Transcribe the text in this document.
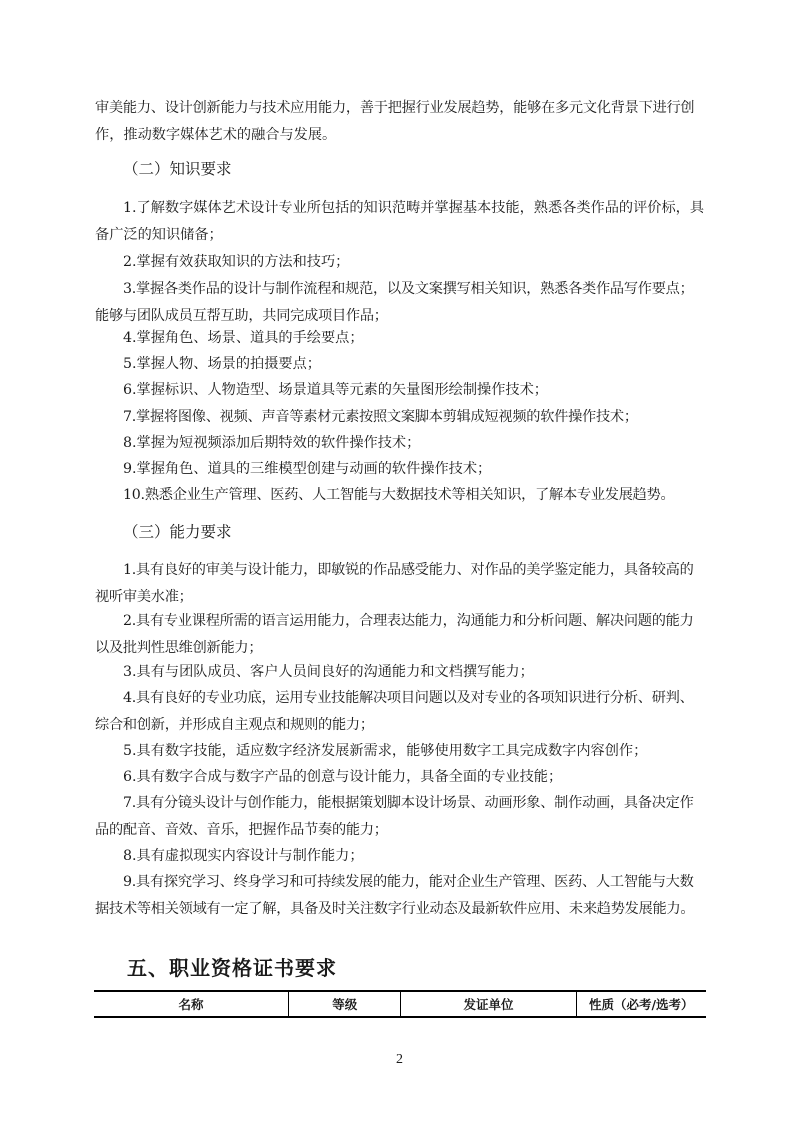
审美能力、设计创新能力与技术应用能力，善于把握行业发展趋势，能够在多元文化背景下进行创

作，推动数字媒体艺术的融合与发展。

（二）知识要求

1.了解数字媒体艺术设计专业所包括的知识范畴并掌握基本技能，熟悉各类作品的评价标，具备广泛的知识储备；

2.掌握有效获取知识的方法和技巧；

3.掌握各类作品的设计与制作流程和规范，以及文案撰写相关知识，熟悉各类作品写作要点；能够与团队成员互帮互助，共同完成项目作品；

4.掌握角色、场景、道具的手绘要点；

5.掌握人物、场景的拍摄要点；

6.掌握标识、人物造型、场景道具等元素的矢量图形绘制操作技术；

7.掌握将图像、视频、声音等素材元素按照文案脚本剪辑成短视频的软件操作技术；

8.掌握为短视频添加后期特效的软件操作技术；

9.掌握角色、道具的三维模型创建与动画的软件操作技术；

10.熟悉企业生产管理、医药、人工智能与大数据技术等相关知识，了解本专业发展趋势。

（三）能力要求

1.具有良好的审美与设计能力，即敏锐的作品感受能力、对作品的美学鉴定能力，具备较高的视听审美水准；

2.具有专业课程所需的语言运用能力，合理表达能力，沟通能力和分析问题、解决问题的能力以及批判性思维创新能力；

3.具有与团队成员、客户人员间良好的沟通能力和文档撰写能力；

4.具有良好的专业功底，运用专业技能解决项目问题以及对专业的各项知识进行分析、研判、综合和创新，并形成自主观点和规则的能力；

5.具有数字技能，适应数字经济发展新需求，能够使用数字工具完成数字内容创作；

6.具有数字合成与数字产品的创意与设计能力，具备全面的专业技能；

7.具有分镜头设计与创作能力，能根据策划脚本设计场景、动画形象、制作动画，具备决定作品的配音、音效、音乐，把握作品节奏的能力；

8.具有虚拟现实内容设计与制作能力；

9.具有探究学习、终身学习和可持续发展的能力，能对企业生产管理、医药、人工智能与大数据技术等相关领域有一定了解，具备及时关注数字行业动态及最新软件应用、未来趋势发展能力。

五、职业资格证书要求
名称	等级	发证单位	性质（必考/选考）
2
